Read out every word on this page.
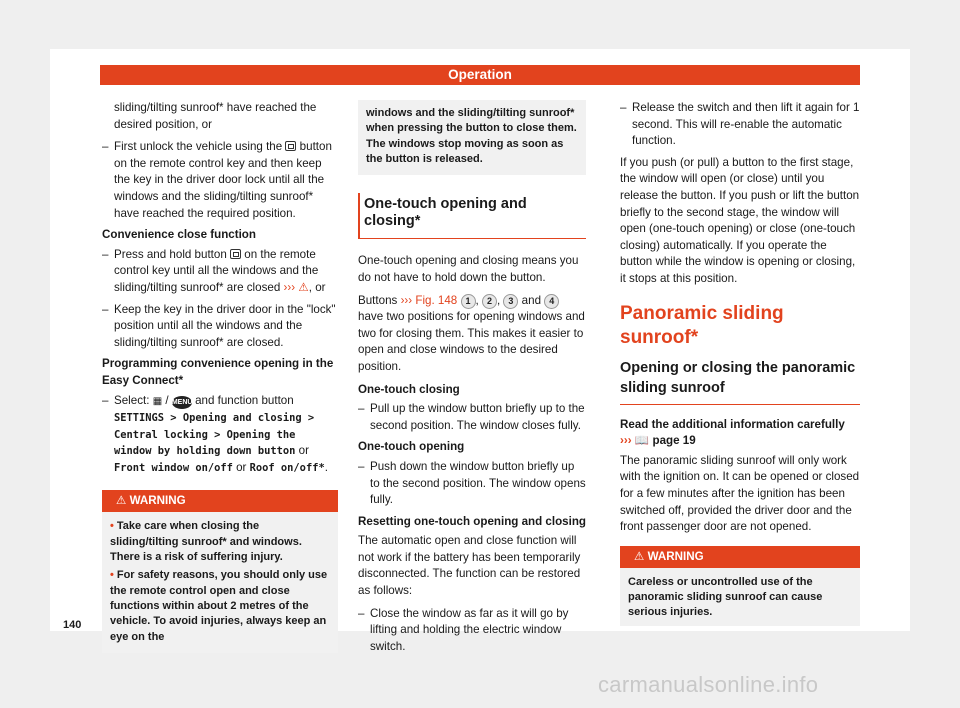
Operation

sliding/tilting sunroof* have reached the desired position, or

– First unlock the vehicle using the button on the remote control key and then keep the key in the driver door lock until all the windows and the sliding/tilting sunroof* have reached the required position.
Convenience close function
– Press and hold button on the remote control key until all the windows and the sliding/tilting sunroof* are closed ››› ⚠, or
– Keep the key in the driver door in the "lock" position until all the windows and the sliding/tilting sunroof* are closed.
Programming convenience opening in the Easy Connect*
– Select: ▦ / MENU and function button SETTINGS > Opening and closing > Central locking > Opening the window by holding down button or Front window on/off or Roof on/off*.
⚠ WARNING
• Take care when closing the sliding/tilting sunroof* and windows. There is a risk of suffering injury.
• For safety reasons, you should only use the remote control open and close functions within about 2 metres of the vehicle. To avoid injuries, always keep an eye on the
windows and the sliding/tilting sunroof* when pressing the button to close them. The windows stop moving as soon as the button is released.
One-touch opening and closing*

One-touch opening and closing means you do not have to hold down the button.

Buttons ››› Fig. 148 1 , 2 , 3 and 4 have two positions for opening windows and two for closing them. This makes it easier to open and close windows to the desired position.

One-touch closing
– Pull up the window button briefly up to the second position. The window closes fully.
One-touch opening
– Push down the window button briefly up to the second position. The window opens fully.
Resetting one-touch opening and closing

The automatic open and close function will not work if the battery has been temporarily disconnected. The function can be restored as follows:

– Close the window as far as it will go by lifting and holding the electric window switch.
– Release the switch and then lift it again for 1 second. This will re-enable the automatic function.

If you push (or pull) a button to the first stage, the window will open (or close) until you release the button. If you push or lift the button briefly to the second stage, the window will open (one-touch opening) or close (one-touch closing) automatically. If you operate the button while the window is opening or closing, it stops at this position.

Panoramic sliding sunroof*
Opening or closing the panoramic sliding sunroof
Read the additional information carefully
››› 📖 page 19

The panoramic sliding sunroof will only work with the ignition on. It can be opened or closed for a few minutes after the ignition has been switched off, provided the driver door and the front passenger door are not opened.

⚠ WARNING
Careless or uncontrolled use of the panoramic sliding sunroof can cause serious injuries.
140
carmanualsonline.info
